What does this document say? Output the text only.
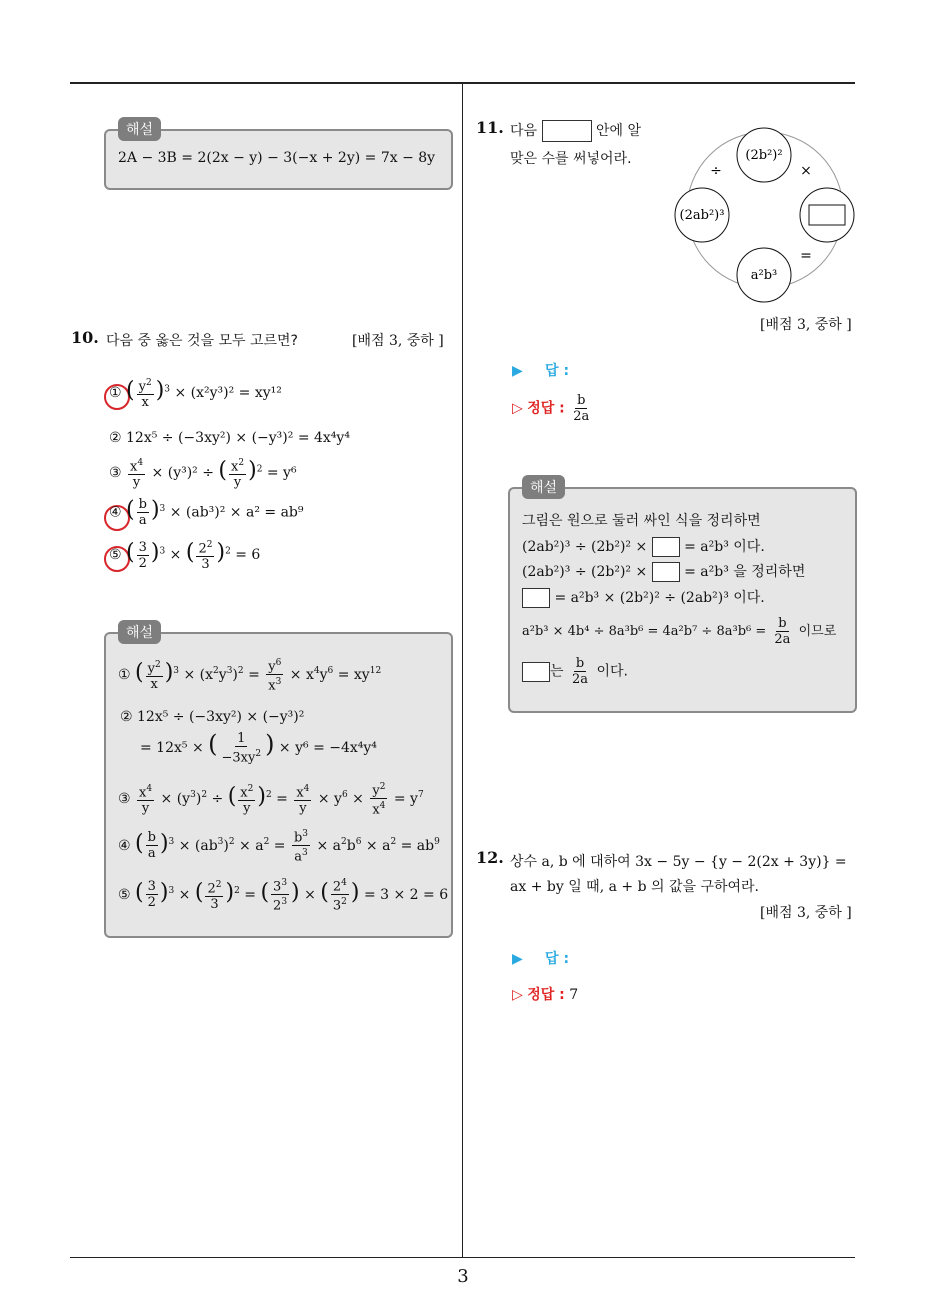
3
해설
2A − 3B = 2(2x − y) − 3(−x + 2y) = 7x − 8y
10. 다음 중 옳은 것을 모두 고르면?	[배점 3, 중하 ]
① ( $\frac{y^2}{x} )^3 \times (x^2y^3)^2 = xy^{12}$
② 12x⁵ ÷ (−3xy²) × (−y³)² = 4x⁴y⁴
③ $\frac{x^4}{y} \times (y^3)^2$ ÷ ( $\frac{x^2}{y} )^2 = y^6$
④ ( $\frac{b}{a} )^3 \times (ab^3)^2 \times a^2 = ab^9$
⑤ ( $\frac{3}{2} )^3$ × ( $\frac{2^2}{3} )^2 = 6$
해설
① ( $\frac{y^2}{x} )^3 \times (x^2y^3)^2 = \frac{y^6}{x^3} \times x^4y^6 = xy^{12}$
② 12x⁵ ÷ (−3xy²) × (−y³)²
= 12x⁵ × ( $\frac{1}{-3xy^2}$ ) × y⁶ = −4x⁴y⁴
③ $\frac{x^4}{y} \times (y^3)^2$ ÷ ( $\frac{x^2}{y} )^2 = \frac{x^4}{y} \times y^6 \times \frac{y^2}{x^4} = y^7$
④ ( $\frac{b}{a} )^3 \times (ab^3)^2 \times a^2 = \frac{b^3}{a^3} \times a^2b^6 \times a^2 = ab^9$
⑤ ( $\frac{3}{2} )^3$ × ( $\frac{2^2}{3} )^2$ = ( $\frac{3^3}{2^3}$ ) × ( $\frac{2^4}{3^2}$ ) = 3 × 2 = 6
11. 다음	안에 알
맞은 수를 써넣어라.	(2b²)²
(2ab²)³
a²b³
÷	×
=
[배점 3, 중하 ]
▶ 답 :
▷ 정답 : $\frac{b}{2a}$
해설
그림은 원으로 둘러 싸인 식을 정리하면
(2ab²)³ ÷ (2b²)² ×	= a²b³ 이다.
(2ab²)³ ÷ (2b²)² ×	= a²b³ 을 정리하면
= a²b³ × (2b²)² ÷ (2ab²)³ 이다.
$a^2b^3 \times 4b^4 \div 8a^3b^6 = 4a^2b^7 \div 8a^3b^6 = \frac{b}{2a}$ 이므로
는 $\frac{b}{2a}$ 이다.
12. 상수 a, b 에 대하여 3x − 5y − {y − 2(2x + 3y)} =
ax + by 일 때, a + b 의 값을 구하여라.
[배점 3, 중하 ]
▶ 답 :
▷ 정답 : 7
